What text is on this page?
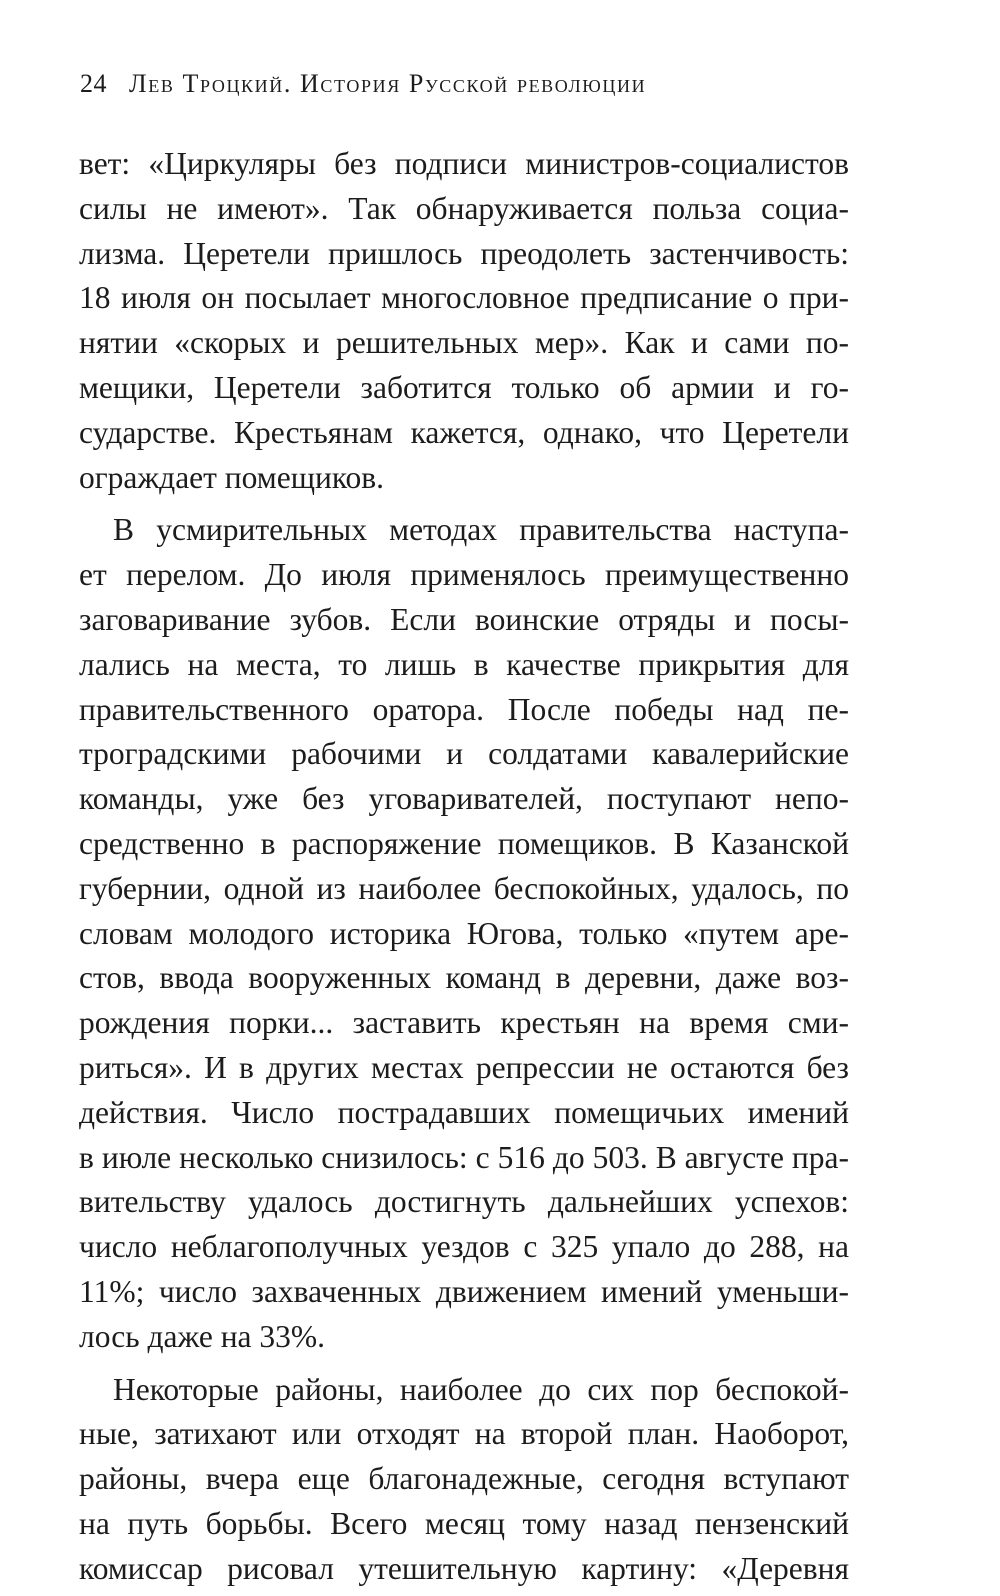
24 Лев Троцкий. История Русской революции
вет: «Циркуляры без подписи министров-социалистов
силы не имеют». Так обнаруживается польза социа-
лизма. Церетели пришлось преодолеть застенчивость:
18 июля он посылает многословное предписание о при-
нятии «скорых и решительных мер». Как и сами по-
мещики, Церетели заботится только об армии и го-
сударстве. Крестьянам кажется, однако, что Церетели
ограждает помещиков.
В усмирительных методах правительства наступа-
ет перелом. До июля применялось преимущественно
заговаривание зубов. Если воинские отряды и посы-
лались на места, то лишь в качестве прикрытия для
правительственного оратора. После победы над пе-
троградскими рабочими и солдатами кавалерийские
команды, уже без уговаривателей, поступают непо-
средственно в распоряжение помещиков. В Казанской
губернии, одной из наиболее беспокойных, удалось, по
словам молодого историка Югова, только «путем аре-
стов, ввода вооруженных команд в деревни, даже воз-
рождения порки... заставить крестьян на время сми-
риться». И в других местах репрессии не остаются без
действия. Число пострадавших помещичьих имений
в июле несколько снизилось: с 516 до 503. В августе пра-
вительству удалось достигнуть дальнейших успехов:
число неблагополучных уездов с 325 упало до 288, на
11%; число захваченных движением имений уменьши-
лось даже на 33%.
Некоторые районы, наиболее до сих пор беспокой-
ные, затихают или отходят на второй план. Наоборот,
районы, вчера еще благонадежные, сегодня вступают
на путь борьбы. Всего месяц тому назад пензенский
комиссар рисовал утешительную картину: «Деревня
